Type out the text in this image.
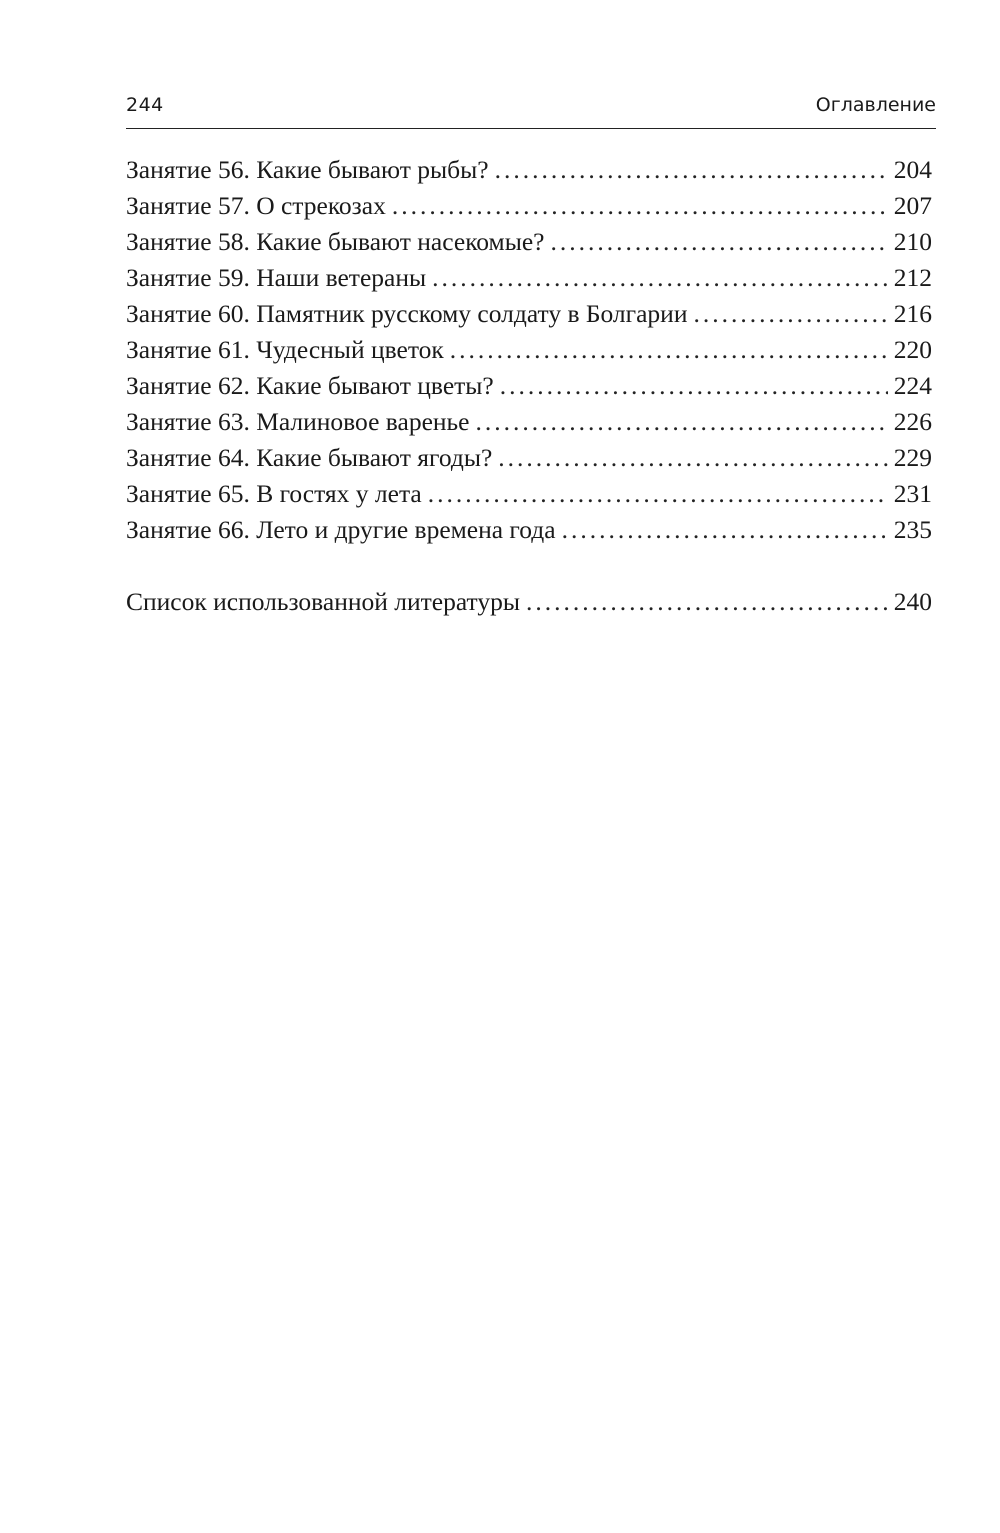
244	Оглавление
Занятие 56. Какие бывают рыбы? .....	204
Занятие 57. О стрекозах .....	207
Занятие 58. Какие бывают насекомые? .....	210
Занятие 59. Наши ветераны .....	212
Занятие 60. Памятник русскому солдату в Болгарии .....	216
Занятие 61. Чудесный цветок .....	220
Занятие 62. Какие бывают цветы? .....	224
Занятие 63. Малиновое варенье .....	226
Занятие 64. Какие бывают ягоды? .....	229
Занятие 65. В гостях у лета .....	231
Занятие 66. Лето и другие времена года .....	235
Список использованной литературы .....	240
